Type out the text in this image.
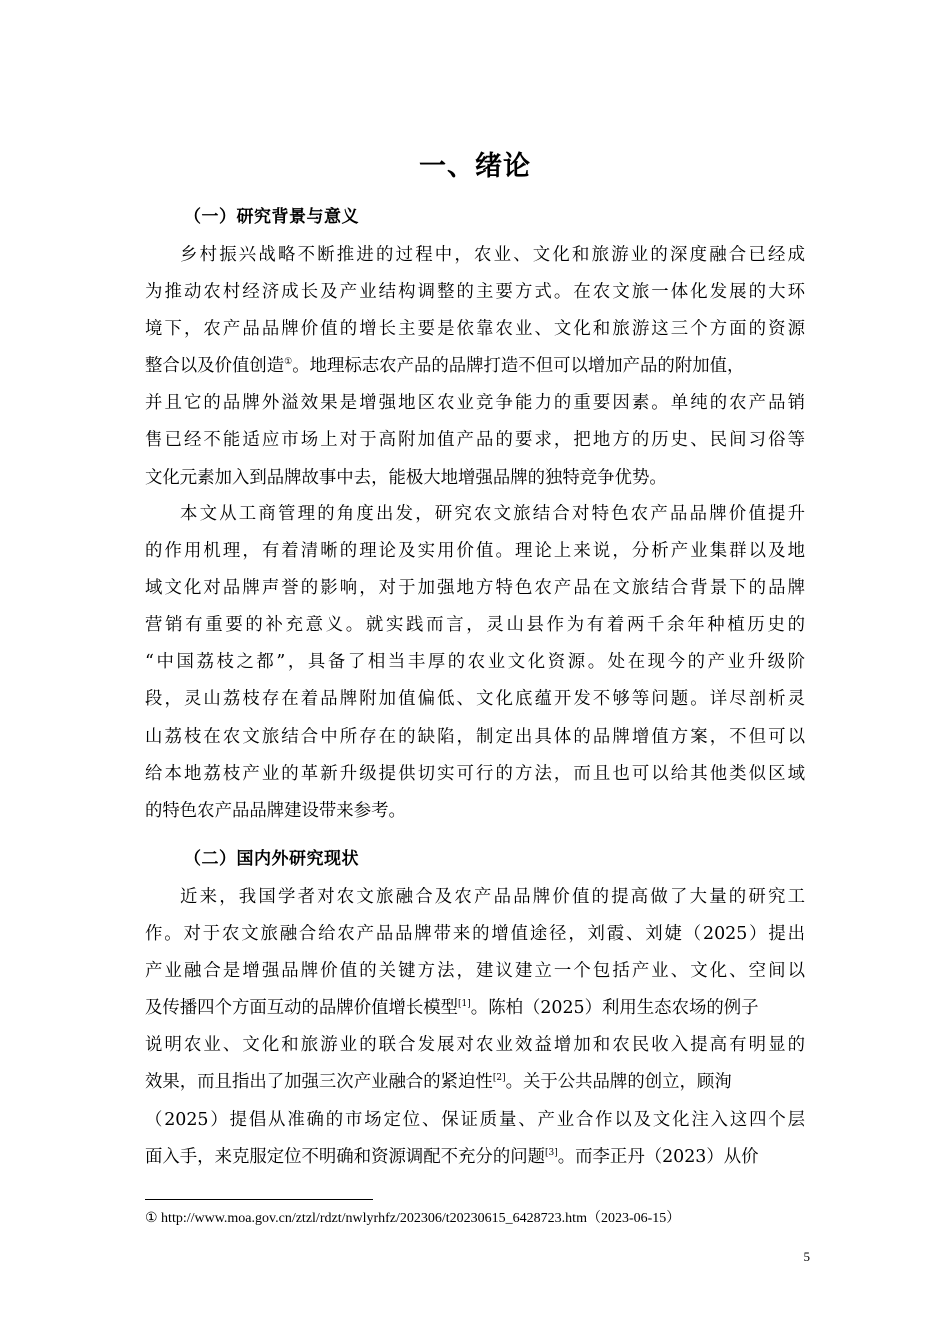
一、绪论
（一）研究背景与意义

乡村振兴战略不断推进的过程中，农业、文化和旅游业的深度融合已经成
为推动农村经济成长及产业结构调整的主要方式。在农文旅一体化发展的大环
境下，农产品品牌价值的增长主要是依靠农业、文化和旅游这三个方面的资源
整合以及价值创造①。地理标志农产品的品牌打造不但可以增加产品的附加值，
并且它的品牌外溢效果是增强地区农业竞争能力的重要因素。单纯的农产品销
售已经不能适应市场上对于高附加值产品的要求，把地方的历史、民间习俗等
文化元素加入到品牌故事中去，能极大地增强品牌的独特竞争优势。

本文从工商管理的角度出发，研究农文旅结合对特色农产品品牌价值提升
的作用机理，有着清晰的理论及实用价值。理论上来说，分析产业集群以及地
域文化对品牌声誉的影响，对于加强地方特色农产品在文旅结合背景下的品牌
营销有重要的补充意义。就实践而言，灵山县作为有着两千余年种植历史的
“中国荔枝之都”，具备了相当丰厚的农业文化资源。处在现今的产业升级阶
段，灵山荔枝存在着品牌附加值偏低、文化底蕴开发不够等问题。详尽剖析灵
山荔枝在农文旅结合中所存在的缺陷，制定出具体的品牌增值方案，不但可以
给本地荔枝产业的革新升级提供切实可行的方法，而且也可以给其他类似区域
的特色农产品品牌建设带来参考。

（二）国内外研究现状

近来，我国学者对农文旅融合及农产品品牌价值的提高做了大量的研究工
作。对于农文旅融合给农产品品牌带来的增值途径，刘霞、刘婕（2025）提出
产业融合是增强品牌价值的关键方法，建议建立一个包括产业、文化、空间以
及传播四个方面互动的品牌价值增长模型[1]。陈柏（2025）利用生态农场的例子
说明农业、文化和旅游业的联合发展对农业效益增加和农民收入提高有明显的
效果，而且指出了加强三次产业融合的紧迫性[2]。关于公共品牌的创立，顾洵
（2025）提倡从准确的市场定位、保证质量、产业合作以及文化注入这四个层
面入手，来克服定位不明确和资源调配不充分的问题[3]。而李正丹（2023）从价

① http://www.moa.gov.cn/ztzl/rdzt/nwlyrhfz/202306/t20230615_6428723.htm（2023-06-15）

5
